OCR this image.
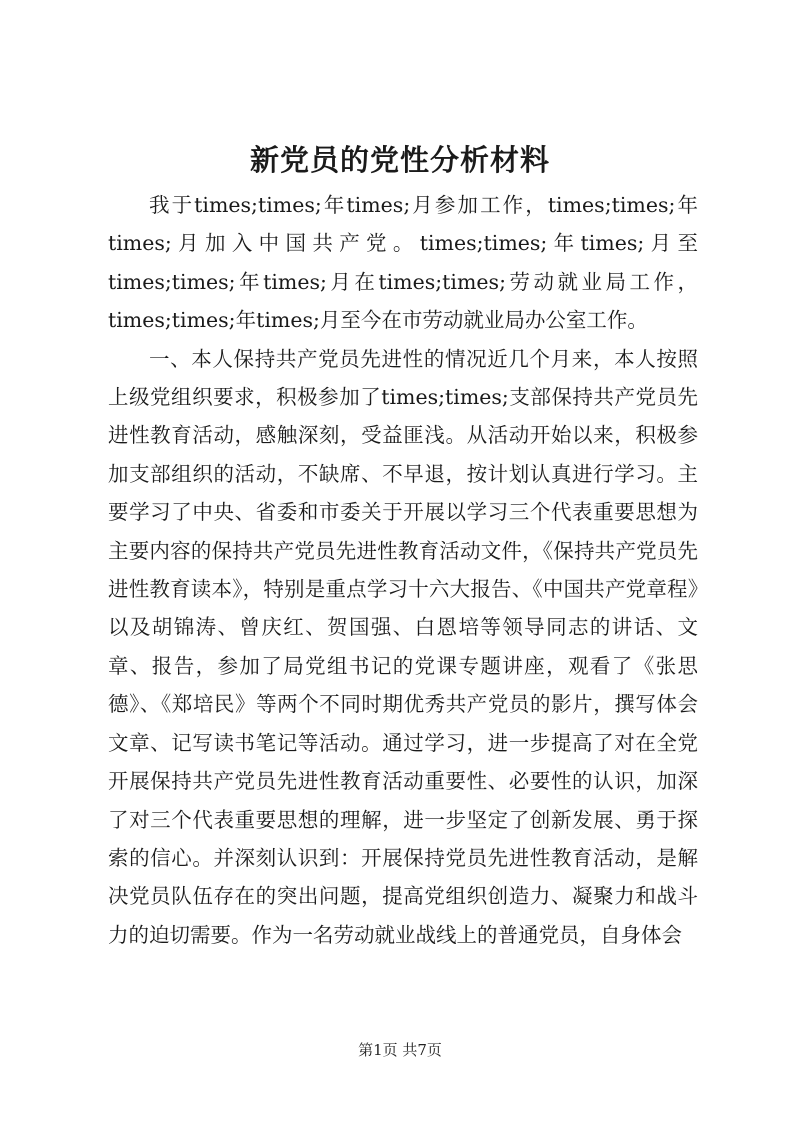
新党员的党性分析材料

我于times;times;年times;月参加工作，times;times;年times;月加入中国共产党。times;times;年times;月至times;times;年times;月在times;times;劳动就业局工作，times;times;年times;月至今在市劳动就业局办公室工作。

一、本人保持共产党员先进性的情况近几个月来，本人按照上级党组织要求，积极参加了times;times;支部保持共产党员先进性教育活动，感触深刻，受益匪浅。从活动开始以来，积极参加支部组织的活动，不缺席、不早退，按计划认真进行学习。主要学习了中央、省委和市委关于开展以学习三个代表重要思想为主要内容的保持共产党员先进性教育活动文件，《保持共产党员先进性教育读本》，特别是重点学习十六大报告、《中国共产党章程》以及胡锦涛、曾庆红、贺国强、白恩培等领导同志的讲话、文章、报告，参加了局党组书记的党课专题讲座，观看了《张思德》、《郑培民》等两个不同时期优秀共产党员的影片，撰写体会文章、记写读书笔记等活动。通过学习，进一步提高了对在全党开展保持共产党员先进性教育活动重要性、必要性的认识，加深了对三个代表重要思想的理解，进一步坚定了创新发展、勇于探索的信心。并深刻认识到：开展保持党员先进性教育活动，是解决党员队伍存在的突出问题，提高党组织创造力、凝聚力和战斗力的迫切需要。作为一名劳动就业战线上的普通党员，自身体会

第1页 共7页
